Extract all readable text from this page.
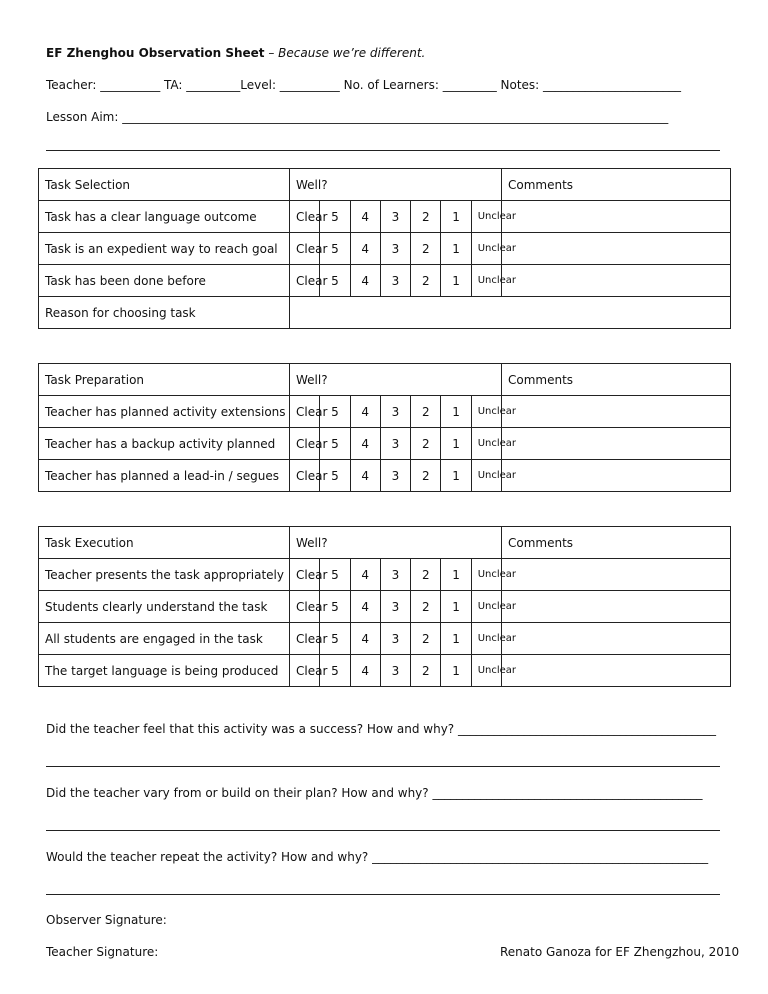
EF Zhenghou Observation Sheet – Because we’re different.
Teacher: __________ TA: _________Level: __________ No. of Learners: _________ Notes: _______________________
Lesson Aim: ___________________________________________________________________________________________
Task Selection	Well?							Comments
Task has a clear language outcome	Clear	5	4	3	2	1	Unclear	
Task is an expedient way to reach goal	Clear	5	4	3	2	1	Unclear	
Task has been done before	Clear	5	4	3	2	1	Unclear	
Reason for choosing task								
Task Preparation	Well?							Comments
Teacher has planned activity extensions	Clear	5	4	3	2	1	Unclear	
Teacher has a backup activity planned	Clear	5	4	3	2	1	Unclear	
Teacher has planned a lead-in / segues	Clear	5	4	3	2	1	Unclear	
Task Execution	Well?							Comments
Teacher presents the task appropriately	Clear	5	4	3	2	1	Unclear	
Students clearly understand the task	Clear	5	4	3	2	1	Unclear	
All students are engaged in the task	Clear	5	4	3	2	1	Unclear	
The target language is being produced	Clear	5	4	3	2	1	Unclear	
Did the teacher feel that this activity was a success? How and why? ___________________________________________
Did the teacher vary from or build on their plan? How and why? _____________________________________________
Would the teacher repeat the activity? How and why? ________________________________________________________
Observer Signature:
Teacher Signature:	Renato Ganoza for EF Zhengzhou, 2010
